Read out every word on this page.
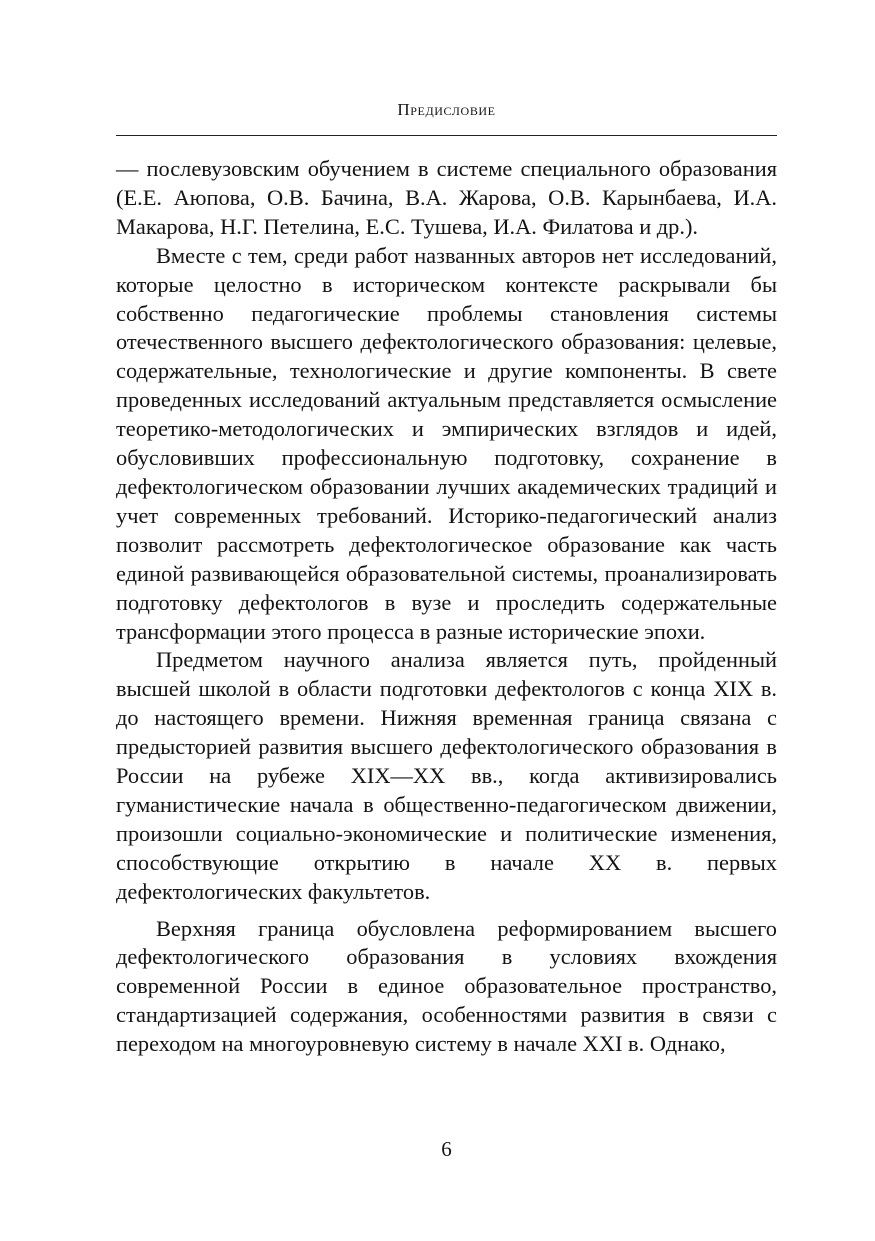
Предисловие

— послевузовским обучением в системе специального образования (Е.Е. Аюпова, О.В. Бачина, В.А. Жарова, О.В. Карынбаева, И.А. Макарова, Н.Г. Петелина, Е.С. Тушева, И.А. Филатова и др.).

Вместе с тем, среди работ названных авторов нет исследований, которые целостно в историческом контексте раскрывали бы собственно педагогические проблемы становления системы отечественного высшего дефектологического образования: целевые, содержательные, технологические и другие компоненты. В свете проведенных исследований актуальным представляется осмысление теоретико-методологических и эмпирических взглядов и идей, обусловивших профессиональную подготовку, сохранение в дефектологическом образовании лучших академических традиций и учет современных требований. Историко-педагогический анализ позволит рассмотреть дефектологическое образование как часть единой развивающейся образовательной системы, проанализировать подготовку дефектологов в вузе и проследить содержательные трансформации этого процесса в разные исторические эпохи.

Предметом научного анализа является путь, пройденный высшей школой в области подготовки дефектологов с конца XIX в. до настоящего времени. Нижняя временная граница связана с предысторией развития высшего дефектологического образования в России на рубеже XIX—XX вв., когда активизировались гуманистические начала в общественно-педагогическом движении, произошли социально-экономические и политические изменения, способствующие открытию в начале XX в. первых дефектологических факультетов.

Верхняя граница обусловлена реформированием высшего дефектологического образования в условиях вхождения современной России в единое образовательное пространство, стандартизацией содержания, особенностями развития в связи с переходом на многоуровневую систему в начале XXI в. Однако,

6
